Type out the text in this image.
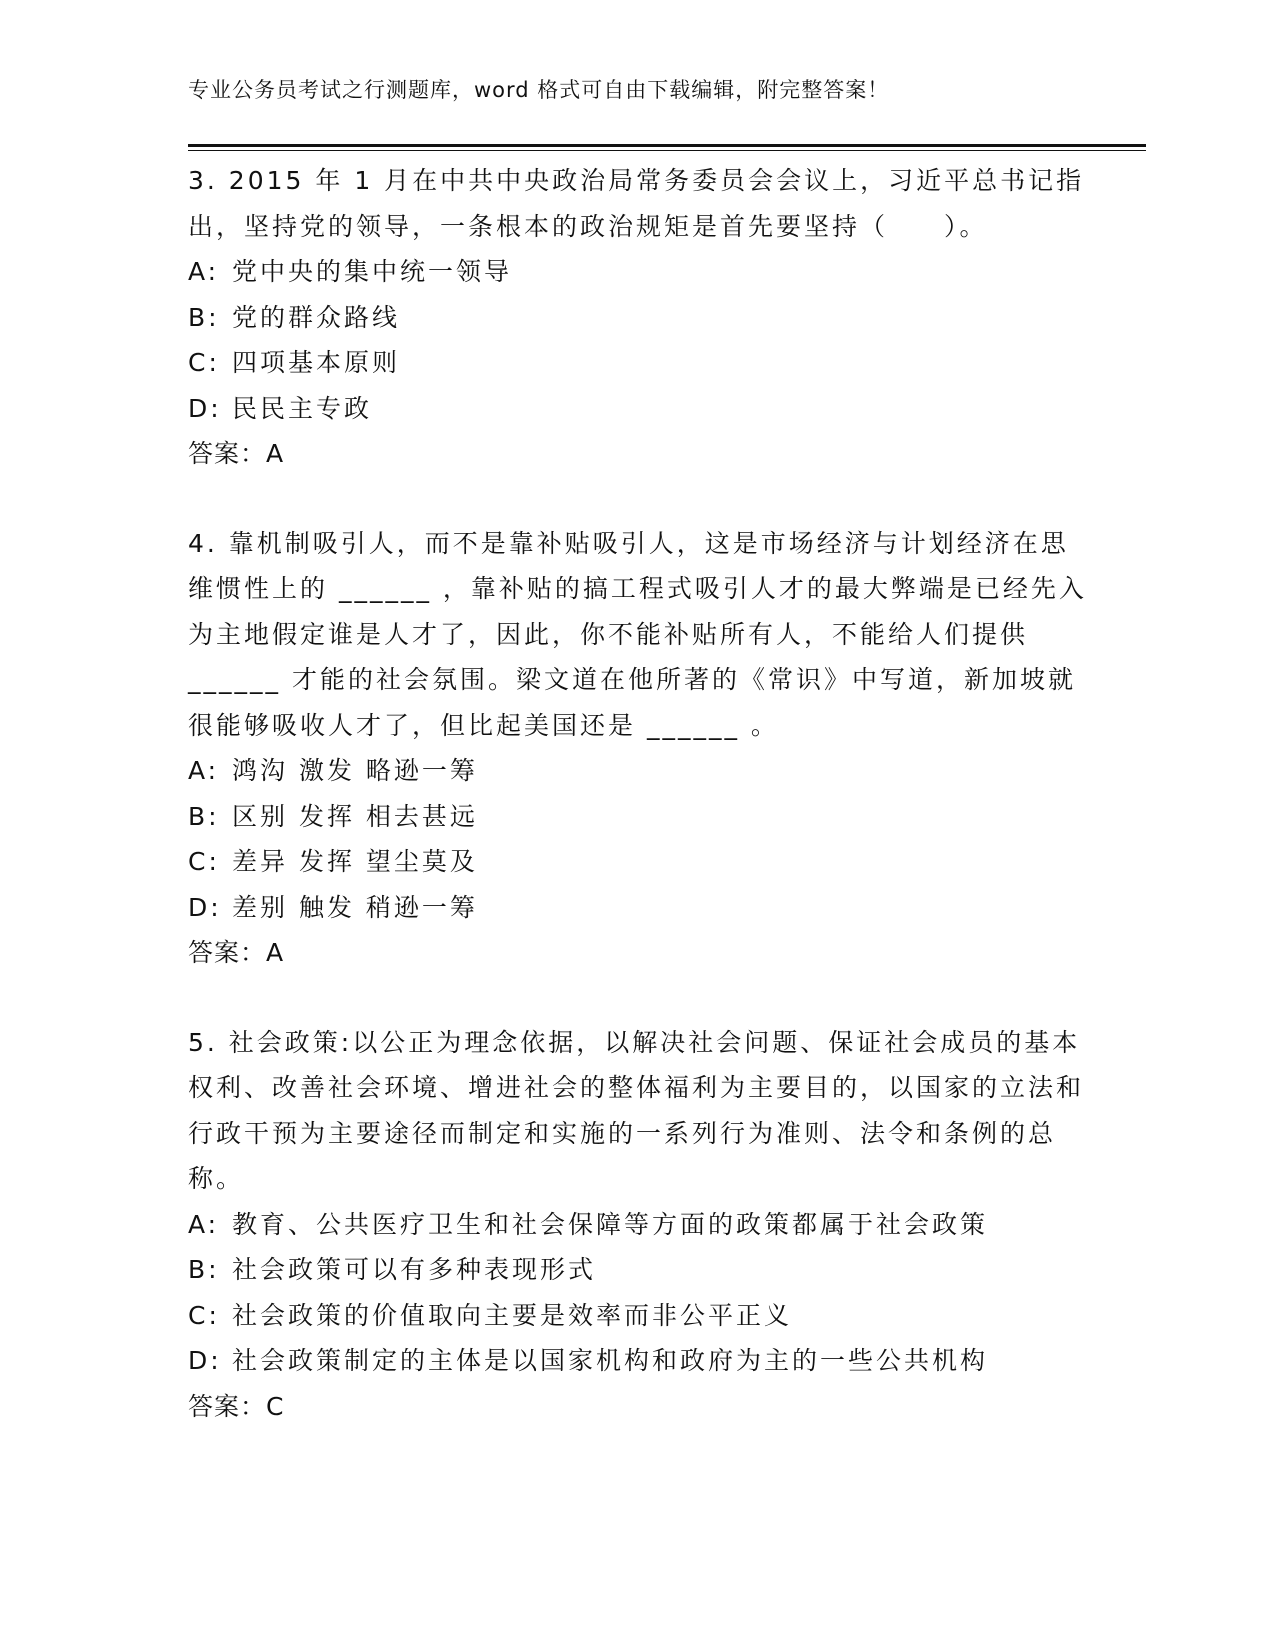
专业公务员考试之行测题库，word 格式可自由下载编辑，附完整答案！

3. 2015 年 1 月在中共中央政治局常务委员会会议上，习近平总书记指出，坚持党的领导，一条根本的政治规矩是首先要坚持（　　）。

A: 党中央的集中统一领导
B: 党的群众路线
C: 四项基本原则
D: 民民主专政
答案：A

4. 靠机制吸引人，而不是靠补贴吸引人，这是市场经济与计划经济在思维惯性上的 ______ ，靠补贴的搞工程式吸引人才的最大弊端是已经先入为主地假定谁是人才了，因此，你不能补贴所有人，不能给人们提供 ______ 才能的社会氛围。梁文道在他所著的《常识》中写道，新加坡就很能够吸收人才了，但比起美国还是 ______ 。

A: 鸿沟 激发 略逊一筹
B: 区别 发挥 相去甚远
C: 差异 发挥 望尘莫及
D: 差别 触发 稍逊一筹
答案：A

5. 社会政策:以公正为理念依据，以解决社会问题、保证社会成员的基本权利、改善社会环境、增进社会的整体福利为主要目的，以国家的立法和行政干预为主要途径而制定和实施的一系列行为准则、法令和条例的总称。

A: 教育、公共医疗卫生和社会保障等方面的政策都属于社会政策
B: 社会政策可以有多种表现形式
C: 社会政策的价值取向主要是效率而非公平正义
D: 社会政策制定的主体是以国家机构和政府为主的一些公共机构
答案：C
